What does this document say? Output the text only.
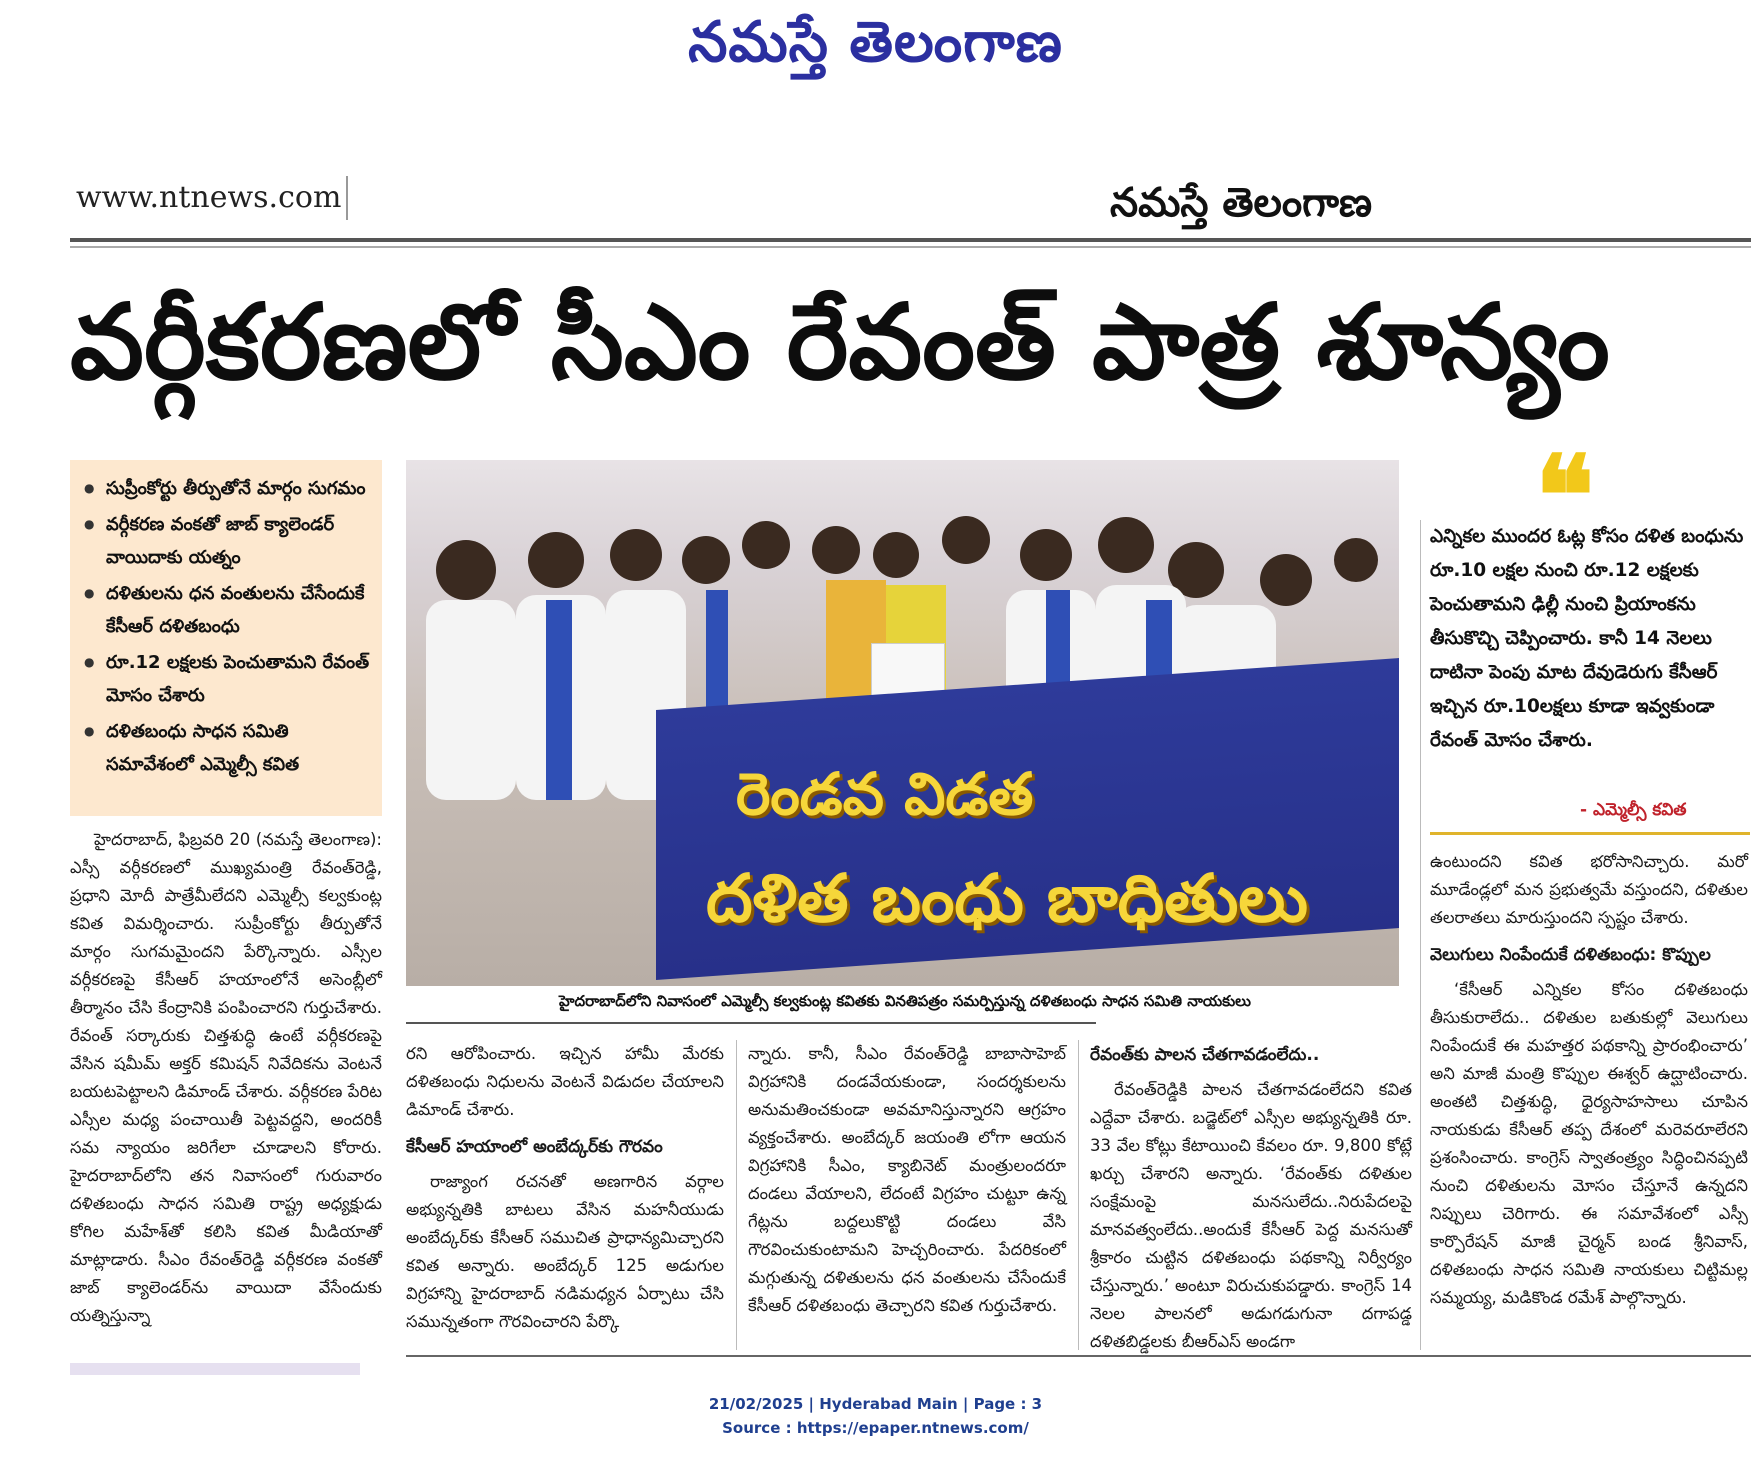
నమస్తే తెలంగాణ
www.ntnews.com	నమస్తే తెలంగాణ
వర్గీకరణలో సీఎం రేవంత్ పాత్ర శూన్యం
● సుప్రీంకోర్టు తీర్పుతోనే మార్గం సుగమం
● వర్గీకరణ వంకతో జాబ్ క్యాలెండర్ వాయిదాకు యత్నం
● దళితులను ధన వంతులను చేసేందుకే కేసీఆర్ దళితబంధు
● రూ.12 లక్షలకు పెంచుతామని రేవంత్ మోసం చేశారు
● దళితబంధు సాధన సమితి సమావేశంలో ఎమ్మెల్సీ కవిత	రెండవ విడత
దళిత బంధు బాధితులు
హైదరాబాద్‌లోని నివాసంలో ఎమ్మెల్సీ కల్వకుంట్ల కవితకు వినతిపత్రం సమర్పిస్తున్న దళితబంధు సాధన సమితి నాయకులు
❝
ఎన్నికల ముందర ఓట్ల కోసం దళిత బంధును రూ.10 లక్షల నుంచి రూ.12 లక్షలకు పెంచుతామని ఢిల్లీ నుంచి ప్రియాంకను తీసుకొచ్చి చెప్పించారు. కానీ 14 నెలలు దాటినా పెంపు మాట దేవుడెరుగు కేసీఆర్ ఇచ్చిన రూ.10లక్షలు కూడా ఇవ్వకుండా రేవంత్ మోసం చేశారు.
- ఎమ్మెల్సీ కవిత

హైదరాబాద్, ఫిబ్రవరి 20 (నమస్తే తెలంగాణ): ఎస్సీ వర్గీకరణలో ముఖ్యమంత్రి రేవంత్‌రెడ్డి, ప్రధాని మోదీ పాత్రేమీలేదని ఎమ్మెల్సీ కల్వకుంట్ల కవిత విమర్శించారు. సుప్రీంకోర్టు తీర్పుతోనే మార్గం సుగమమైందని పేర్కొన్నారు. ఎస్సీల వర్గీకరణపై కేసీఆర్ హయాంలోనే అసెంబ్లీలో తీర్మానం చేసి కేంద్రానికి పంపించారని గుర్తుచేశారు. రేవంత్ సర్కారుకు చిత్తశుద్ధి ఉంటే వర్గీకరణపై వేసిన షమీమ్ అక్తర్ కమిషన్ నివేదికను వెంటనే బయటపెట్టాలని డిమాండ్ చేశారు. వర్గీకరణ పేరిట ఎస్సీల మధ్య పంచాయితీ పెట్టవద్దని, అందరికీ సమ న్యాయం జరిగేలా చూడాలని కోరారు. హైదరాబాద్‌లోని తన నివాసంలో గురువారం దళితబంధు సాధన సమితి రాష్ట్ర అధ్యక్షుడు కోగిల మహేశ్‌తో కలిసి కవిత మీడియాతో మాట్లాడారు. సీఎం రేవంత్‌రెడ్డి వర్గీకరణ వంకతో జాబ్ క్యాలెండర్‌ను వాయిదా వేసేందుకు యత్నిస్తున్నా

రని ఆరోపించారు. ఇచ్చిన హామీ మేరకు దళితబంధు నిధులను వెంటనే విడుదల చేయాలని డిమాండ్ చేశారు.

కేసీఆర్ హయాంలో అంబేద్కర్‌కు గౌరవం

రాజ్యాంగ రచనతో అణగారిన వర్గాల అభ్యున్నతికి బాటలు వేసిన మహనీయుడు అంబేద్కర్‌కు కేసీఆర్ సముచిత ప్రాధాన్యమిచ్చారని కవిత అన్నారు. అంబేద్కర్ 125 అడుగుల విగ్రహాన్ని హైదరాబాద్ నడిమధ్యన ఏర్పాటు చేసి సమున్నతంగా గౌరవించారని పేర్కొ

న్నారు. కానీ, సీఎం రేవంత్‌రెడ్డి బాబాసాహెబ్ విగ్రహానికి దండవేయకుండా, సందర్శకులను అనుమతించకుండా అవమానిస్తున్నారని ఆగ్రహం వ్యక్తంచేశారు. అంబేద్కర్ జయంతి లోగా ఆయన విగ్రహానికి సీఎం, క్యాబినెట్ మంత్రులందరూ దండలు వేయాలని, లేదంటే విగ్రహం చుట్టూ ఉన్న గేట్లను బద్దలుకొట్టి దండలు వేసి గౌరవించుకుంటామని హెచ్చరించారు. పేదరికంలో మగ్గుతున్న దళితులను ధన వంతులను చేసేందుకే కేసీఆర్ దళితబంధు తెచ్చారని కవిత గుర్తుచేశారు.

రేవంత్‌కు పాలన చేతగావడంలేదు..

రేవంత్‌రెడ్డికి పాలన చేతగావడంలేదని కవిత ఎద్దేవా చేశారు. బడ్జెట్‌లో ఎస్సీల అభ్యున్నతికి రూ. 33 వేల కోట్లు కేటాయించి కేవలం రూ. 9,800 కోట్లే ఖర్చు చేశారని అన్నారు. ‘రేవంత్‌కు దళితుల సంక్షేమంపై మనసులేదు..నిరుపేదలపై మానవత్వంలేదు..అందుకే కేసీఆర్ పెద్ద మనసుతో శ్రీకారం చుట్టిన దళితబంధు పథకాన్ని నిర్వీర్యం చేస్తున్నారు.’ అంటూ విరుచుకుపడ్డారు. కాంగ్రెస్ 14 నెలల పాలనలో అడుగడుగునా దగాపడ్డ దళితబిడ్డలకు బీఆర్‌ఎస్ అండగా

ఉంటుందని కవిత భరోసానిచ్చారు. మరో మూడేండ్లలో మన ప్రభుత్వమే వస్తుందని, దళితుల తలరాతలు మారుస్తుందని స్పష్టం చేశారు.

వెలుగులు నింపేందుకే దళితబంధు: కొప్పుల

‘కేసీఆర్ ఎన్నికల కోసం దళితబంధు తీసుకురాలేదు.. దళితుల బతుకుల్లో వెలుగులు నింపేందుకే ఈ మహత్తర పథకాన్ని ప్రారంభించారు’ అని మాజీ మంత్రి కొప్పుల ఈశ్వర్ ఉద్ఘాటించారు. అంతటి చిత్తశుద్ధి, ధైర్యసాహసాలు చూపిన నాయకుడు కేసీఆర్ తప్ప దేశంలో మరెవరూలేరని ప్రశంసించారు. కాంగ్రెస్ స్వాతంత్ర్యం సిద్ధించినప్పటి నుంచి దళితులను మోసం చేస్తూనే ఉన్నదని నిప్పులు చెరిగారు. ఈ సమావేశంలో ఎస్సీ కార్పొరేషన్ మాజీ చైర్మన్ బండ శ్రీనివాస్, దళితబంధు సాధన సమితి నాయకులు చిట్టిమల్ల సమ్మయ్య, మడికొండ రమేశ్ పాల్గొన్నారు.

21/02/2025 | Hyderabad Main | Page : 3
Source : https://epaper.ntnews.com/
